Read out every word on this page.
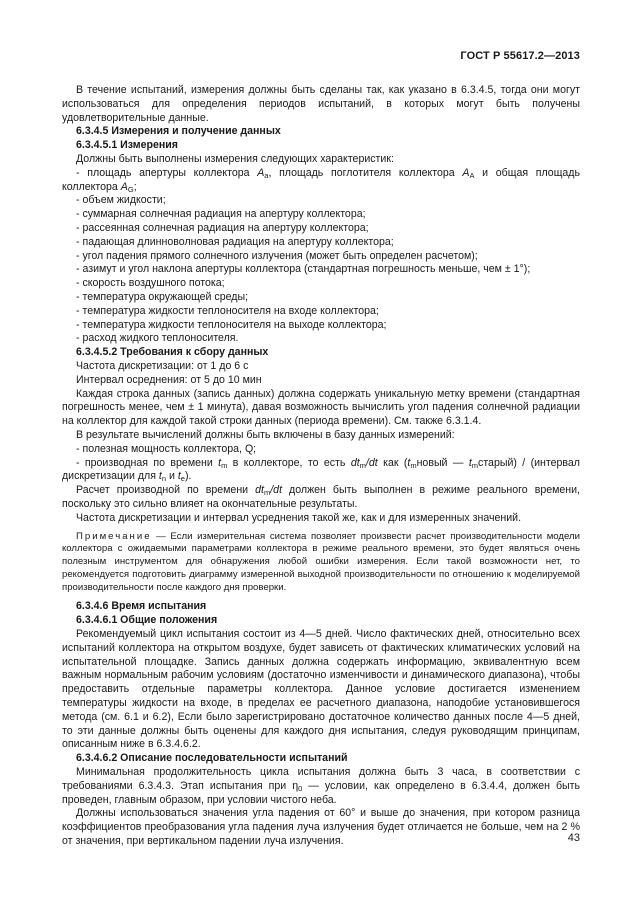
ГОСТ Р 55617.2—2013

В течение испытаний, измерения должны быть сделаны так, как указано в 6.3.4.5, тогда они могут использоваться для определения периодов испытаний, в которых могут быть получены удовлетворительные данные.

6.3.4.5 Измерения и получение данных

6.3.4.5.1 Измерения

Должны быть выполнены измерения следующих характеристик:

- площадь апертуры коллектора $A_a$, площадь поглотителя коллектора $A_A$ и общая площадь коллектора $A_G$;

- объем жидкости;

- суммарная солнечная радиация на апертуру коллектора;

- рассеянная солнечная радиация на апертуру коллектора;

- падающая длинноволновая радиация на апертуру коллектора;

- угол падения прямого солнечного излучения (может быть определен расчетом);

- азимут и угол наклона апертуры коллектора (стандартная погрешность меньше, чем ± 1°);

- скорость воздушного потока;

- температура окружающей среды;

- температура жидкости теплоносителя на входе коллектора;

- температура жидкости теплоносителя на выходе коллектора;

- расход жидкого теплоносителя.

6.3.4.5.2 Требования к сбору данных

Частота дискретизации: от 1 до 6 с

Интервал осреднения: от 5 до 10 мин

Каждая строка данных (запись данных) должна содержать уникальную метку времени (стандартная погрешность менее, чем ± 1 минута), давая возможность вычислить угол падения солнечной радиации на коллектор для каждой такой строки данных (периода времени). См. также 6.3.1.4.

В результате вычислений должны быть включены в базу данных измерений:

- полезная мощность коллектора, Q;

- производная по времени $t_m$ в коллекторе, то есть $dt_m/dt$ как ($t_mновый$ — $t_mстарый$) / (интервал дискретизации для $t_n$ и $t_e$).

Расчет производной по времени $dt_m/dt$ должен быть выполнен в режиме реального времени, поскольку это сильно влияет на окончательные результаты.

Частота дискретизации и интервал усреднения такой же, как и для измеренных значений.

Примечание — Если измерительная система позволяет произвести расчет производительности модели коллектора с ожидаемыми параметрами коллектора в режиме реального времени, это будет являться очень полезным инструментом для обнаружения любой ошибки измерения. Если такой возможности нет, то рекомендуется подготовить диаграмму измеренной выходной производительности по отношению к моделируемой производительности после каждого дня проверки.

6.3.4.6 Время испытания

6.3.4.6.1 Общие положения

Рекомендуемый цикл испытания состоит из 4—5 дней. Число фактических дней, относительно всех испытаний коллектора на открытом воздухе, будет зависеть от фактических климатических условий на испытательной площадке. Запись данных должна содержать информацию, эквивалентную всем важным нормальным рабочим условиям (достаточно изменчивости и динамического диапазона), чтобы предоставить отдельные параметры коллектора. Данное условие достигается изменением температуры жидкости на входе, в пределах ее расчетного диапазона, наподобие установившегося метода (см. 6.1 и 6.2), Если было зарегистрировано достаточное количество данных после 4—5 дней, то эти данные должны быть оценены для каждого дня испытания, следуя руководящим принципам, описанным ниже в 6.3.4.6.2.

6.3.4.6.2 Описание последовательности испытаний

Минимальная продолжительность цикла испытания должна быть 3 часа, в соответствии с требованиями 6.3.4.3. Этап испытания при $\eta_0$ — условии, как определено в 6.3.4.4, должен быть проведен, главным образом, при условии чистого неба.

Должны использоваться значения угла падения от 60° и выше до значения, при котором разница коэффициентов преобразования угла падения луча излучения будет отличается не больше, чем на 2 % от значения, при вертикальном падении луча излучения.	43
